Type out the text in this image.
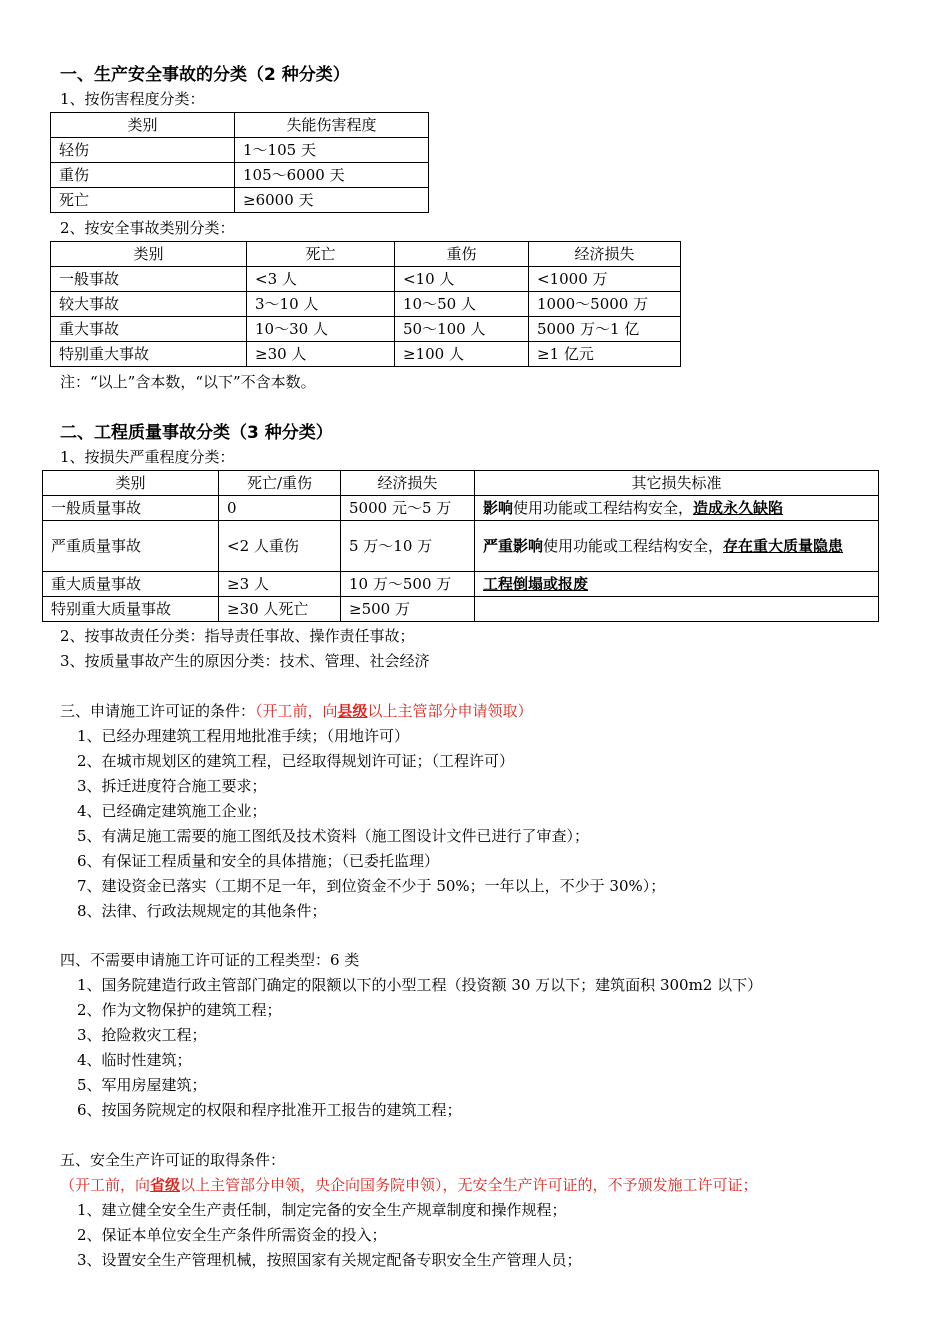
一、生产安全事故的分类（2 种分类）
1、按伤害程度分类：
类别	失能伤害程度
轻伤	1～105 天
重伤	105～6000 天
死亡	≥6000 天
2、按安全事故类别分类：
类别	死亡	重伤	经济损失
一般事故	<3 人	<10 人	<1000 万
较大事故	3～10 人	10～50 人	1000～5000 万
重大事故	10～30 人	50～100 人	5000 万～1 亿
特别重大事故	≥30 人	≥100 人	≥1 亿元
注：“以上”含本数，“以下”不含本数。
二、工程质量事故分类（3 种分类）
1、按损失严重程度分类：
类别	死亡/重伤	经济损失	其它损失标准
一般质量事故	0	5000 元～5 万	影响使用功能或工程结构安全，造成永久缺陷
严重质量事故	<2 人重伤	5 万～10 万	严重影响使用功能或工程结构安全，存在重大质量隐患
重大质量事故	≥3 人	10 万～500 万	工程倒塌或报废
特别重大质量事故	≥30 人死亡	≥500 万	
2、按事故责任分类：指导责任事故、操作责任事故；
3、按质量事故产生的原因分类：技术、管理、社会经济
三、申请施工许可证的条件：（开工前，向县级以上主管部分申请领取）
1、已经办理建筑工程用地批准手续；（用地许可）
2、在城市规划区的建筑工程，已经取得规划许可证；（工程许可）
3、拆迁进度符合施工要求；
4、已经确定建筑施工企业；
5、有满足施工需要的施工图纸及技术资料（施工图设计文件已进行了审查）；
6、有保证工程质量和安全的具体措施；（已委托监理）
7、建设资金已落实（工期不足一年，到位资金不少于 50%；一年以上，不少于 30%）；
8、法律、行政法规规定的其他条件；
四、不需要申请施工许可证的工程类型：6 类
1、国务院建造行政主管部门确定的限额以下的小型工程（投资额 30 万以下；建筑面积 300m2 以下）
2、作为文物保护的建筑工程；
3、抢险救灾工程；
4、临时性建筑；
5、军用房屋建筑；
6、按国务院规定的权限和程序批准开工报告的建筑工程；
五、安全生产许可证的取得条件：
（开工前，向省级以上主管部分申领，央企向国务院申领），无安全生产许可证的，不予颁发施工许可证；
1、建立健全安全生产责任制，制定完备的安全生产规章制度和操作规程；
2、保证本单位安全生产条件所需资金的投入；
3、设置安全生产管理机械，按照国家有关规定配备专职安全生产管理人员；
